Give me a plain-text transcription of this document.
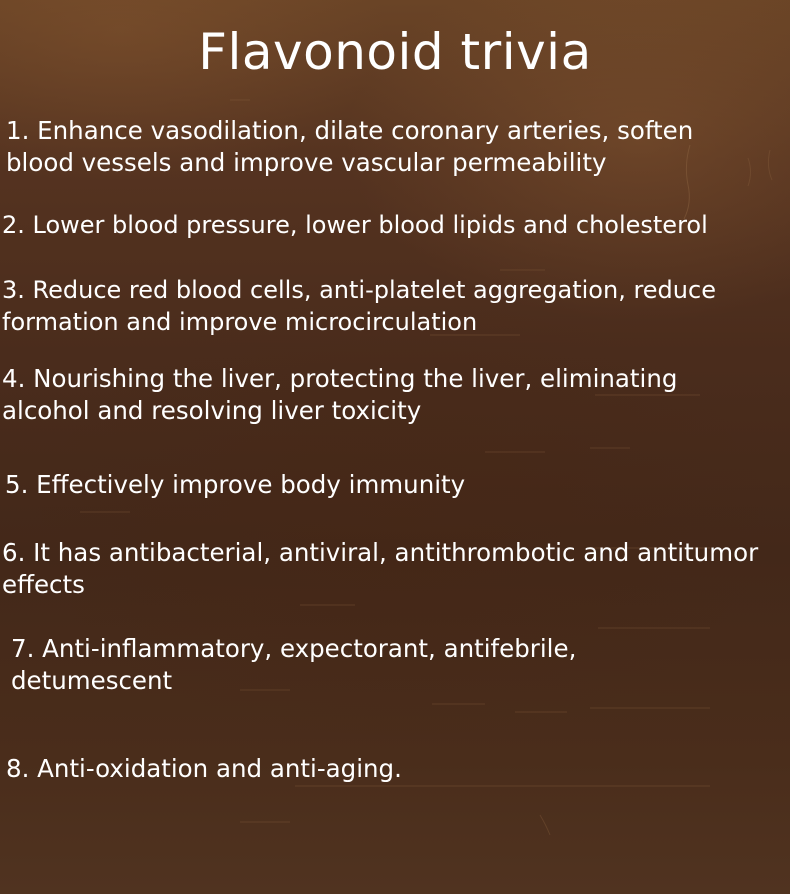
Flavonoid trivia

1. Enhance vasodilation, dilate coronary arteries, soften blood vessels and improve vascular permeability

2. Lower blood pressure, lower blood lipids and cholesterol

3. Reduce red blood cells, anti-platelet aggregation, reduce formation and improve microcirculation

4. Nourishing the liver, protecting the liver, eliminating alcohol and resolving liver toxicity

5. Effectively improve body immunity

6. It has antibacterial, antiviral, antithrombotic and antitumor effects

7. Anti-inflammatory, expectorant, antifebrile, detumescent

8. Anti-oxidation and anti-aging.
